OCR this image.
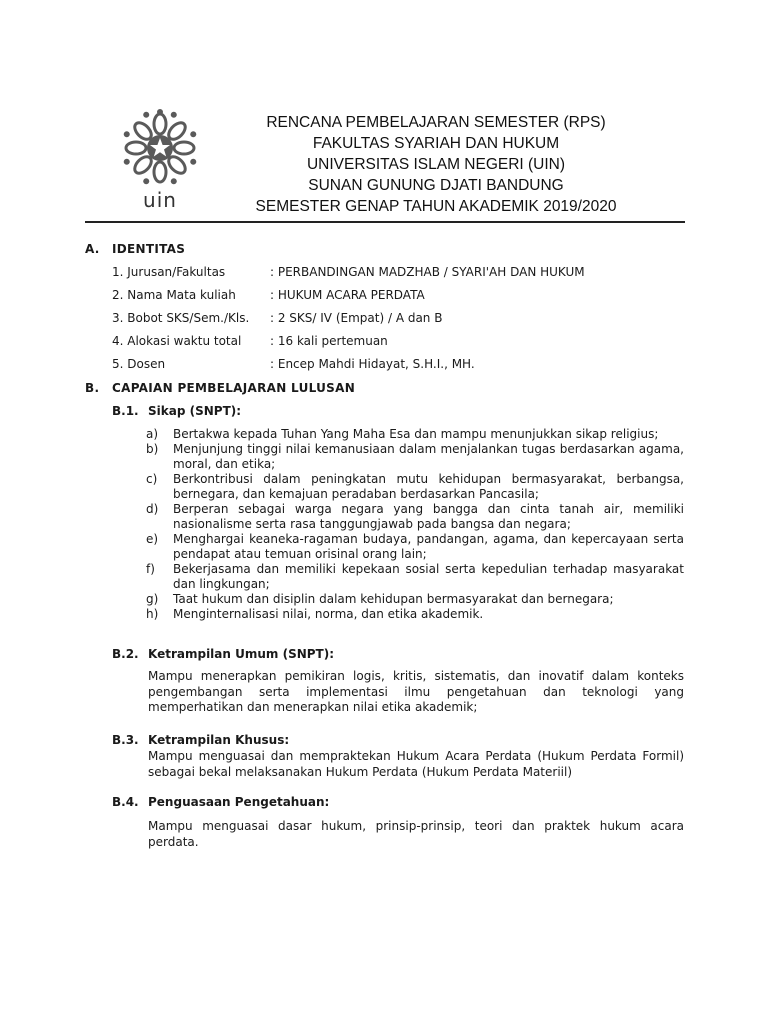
uin
RENCANA PEMBELAJARAN SEMESTER (RPS)
FAKULTAS SYARIAH DAN HUKUM
UNIVERSITAS ISLAM NEGERI (UIN)
SUNAN GUNUNG DJATI BANDUNG
SEMESTER GENAP TAHUN AKADEMIK 2019/2020
A. IDENTITAS
1. Jurusan/Fakultas	: PERBANDINGAN MADZHAB / SYARI'AH DAN HUKUM
2. Nama Mata kuliah	: HUKUM ACARA PERDATA
3. Bobot SKS/Sem./Kls. : 2 SKS/ IV (Empat) / A dan B
4. Alokasi waktu total : 16 kali pertemuan
5. Dosen	: Encep Mahdi Hidayat, S.H.I., MH.
B. CAPAIAN PEMBELAJARAN LULUSAN
B.1. Sikap (SNPT):
a)	Bertakwa kepada Tuhan Yang Maha Esa dan mampu menunjukkan sikap religius;
b)	Menjunjung tinggi nilai kemanusiaan dalam menjalankan tugas berdasarkan agama, moral, dan etika;
c)	Berkontribusi dalam peningkatan mutu kehidupan bermasyarakat, berbangsa, bernegara, dan kemajuan peradaban berdasarkan Pancasila;
d)	Berperan sebagai warga negara yang bangga dan cinta tanah air, memiliki nasionalisme serta rasa tanggungjawab pada bangsa dan negara;
e)	Menghargai keaneka-ragaman budaya, pandangan, agama, dan kepercayaan serta pendapat atau temuan orisinal orang lain;
f)	Bekerjasama dan memiliki kepekaan sosial serta kepedulian terhadap masyarakat dan lingkungan;
g)	Taat hukum dan disiplin dalam kehidupan bermasyarakat dan bernegara;
h)	Menginternalisasi nilai, norma, dan etika akademik.
B.2. Ketrampilan Umum (SNPT):
Mampu menerapkan pemikiran logis, kritis, sistematis, dan inovatif dalam konteks pengembangan serta implementasi ilmu pengetahuan dan teknologi yang memperhatikan dan menerapkan nilai etika akademik;
B.3. Ketrampilan Khusus:
Mampu menguasai dan mempraktekan Hukum Acara Perdata (Hukum Perdata Formil) sebagai bekal melaksanakan Hukum Perdata (Hukum Perdata Materiil)
B.4. Penguasaan Pengetahuan:
Mampu menguasai dasar hukum, prinsip-prinsip, teori dan praktek hukum acara perdata.
